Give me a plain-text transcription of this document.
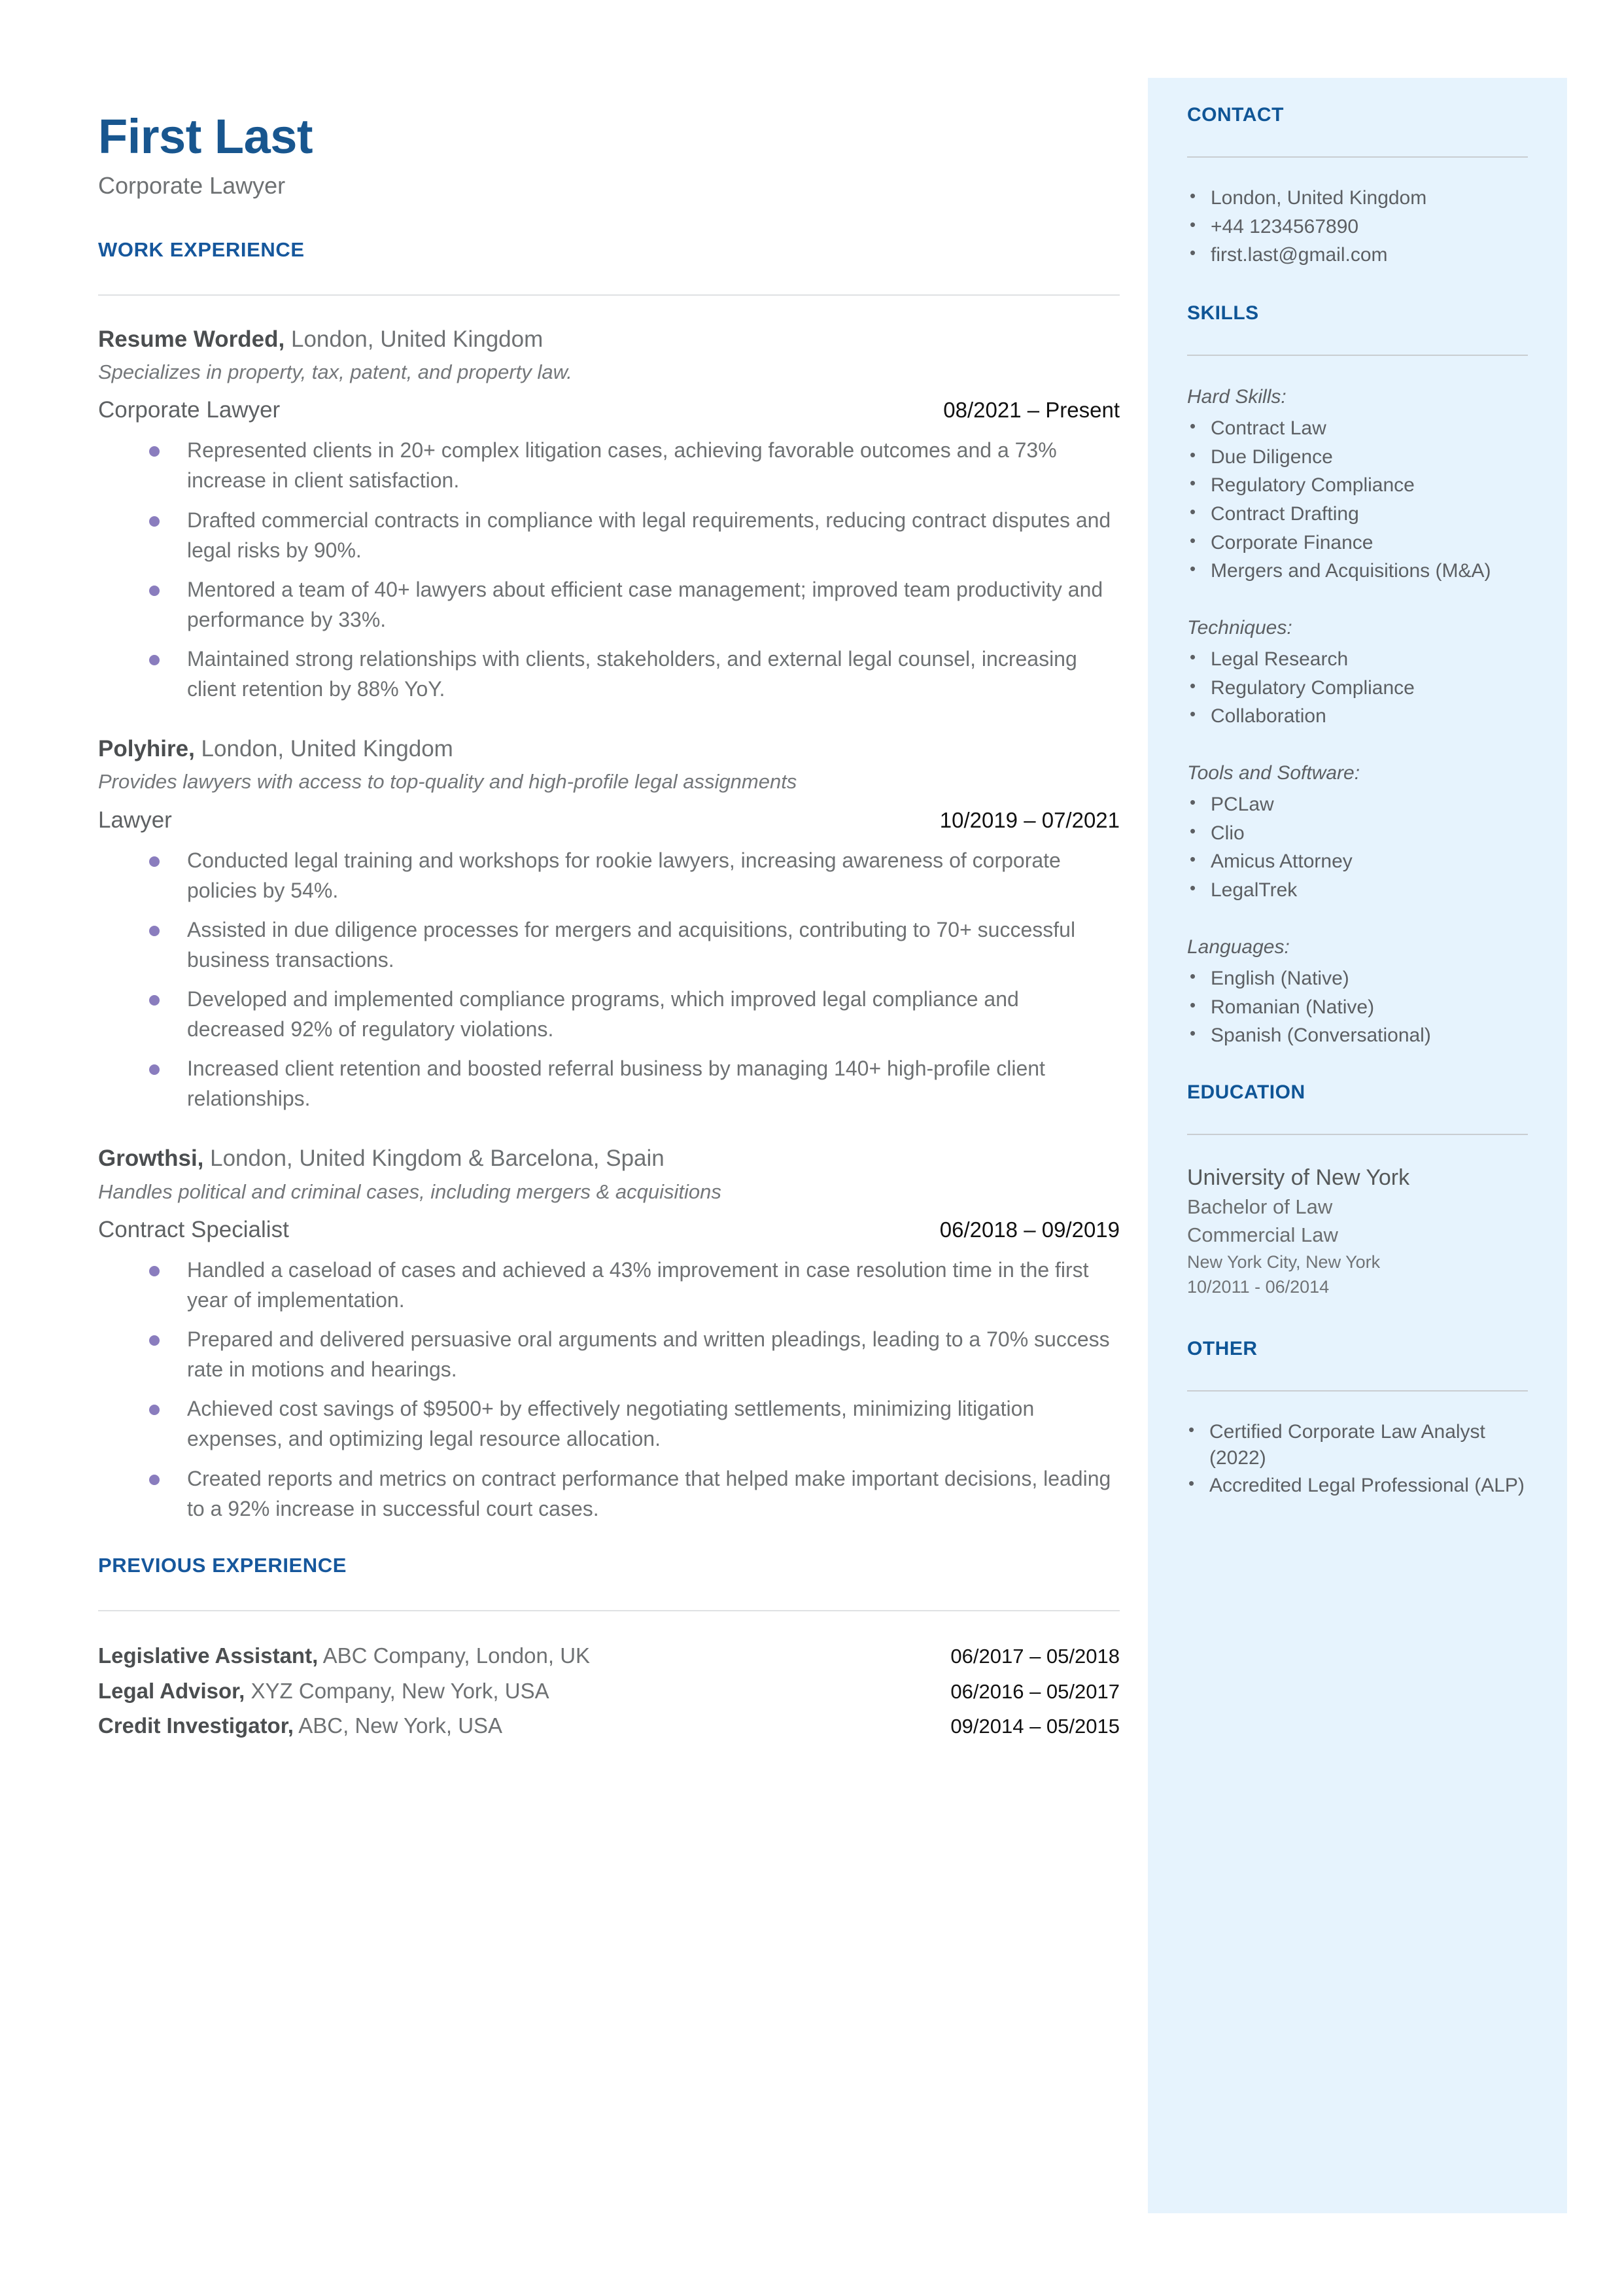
First Last
Corporate Lawyer
WORK EXPERIENCE
Resume Worded, London, United Kingdom
Specializes in property, tax, patent, and property law.
Corporate Lawyer	08/2021 – Present
Represented clients in 20+ complex litigation cases, achieving favorable outcomes and a 73% increase in client satisfaction.
Drafted commercial contracts in compliance with legal requirements, reducing contract disputes and legal risks by 90%.
Mentored a team of 40+ lawyers about efficient case management; improved team productivity and performance by 33%.
Maintained strong relationships with clients, stakeholders, and external legal counsel, increasing client retention by 88% YoY.
Polyhire, London, United Kingdom
Provides lawyers with access to top-quality and high-profile legal assignments
Lawyer	10/2019 – 07/2021
Conducted legal training and workshops for rookie lawyers, increasing awareness of corporate policies by 54%.
Assisted in due diligence processes for mergers and acquisitions, contributing to 70+ successful business transactions.
Developed and implemented compliance programs, which improved legal compliance and decreased 92% of regulatory violations.
Increased client retention and boosted referral business by managing 140+ high-profile client relationships.
Growthsi, London, United Kingdom & Barcelona, Spain
Handles political and criminal cases, including mergers & acquisitions
Contract Specialist	06/2018 – 09/2019
Handled a caseload of cases and achieved a 43% improvement in case resolution time in the first year of implementation.
Prepared and delivered persuasive oral arguments and written pleadings, leading to a 70% success rate in motions and hearings.
Achieved cost savings of $9500+ by effectively negotiating settlements, minimizing litigation expenses, and optimizing legal resource allocation.
Created reports and metrics on contract performance that helped make important decisions, leading to a 92% increase in successful court cases.
PREVIOUS EXPERIENCE
Legislative Assistant, ABC Company, London, UK	06/2017 – 05/2018
Legal Advisor, XYZ Company, New York, USA	06/2016 – 05/2017
Credit Investigator, ABC, New York, USA	09/2014 – 05/2015
CONTACT
• London, United Kingdom
• +44 1234567890
• first.last@gmail.com
SKILLS
Hard Skills:
• Contract Law
• Due Diligence
• Regulatory Compliance
• Contract Drafting
• Corporate Finance
• Mergers and Acquisitions (M&A)
Techniques:
• Legal Research
• Regulatory Compliance
• Collaboration
Tools and Software:
• PCLaw
• Clio
• Amicus Attorney
• LegalTrek
Languages:
• English (Native)
• Romanian (Native)
• Spanish (Conversational)
EDUCATION
University of New York
Bachelor of Law
Commercial Law
New York City, New York
10/2011 - 06/2014
OTHER
• Certified Corporate Law Analyst (2022)
• Accredited Legal Professional (ALP)
